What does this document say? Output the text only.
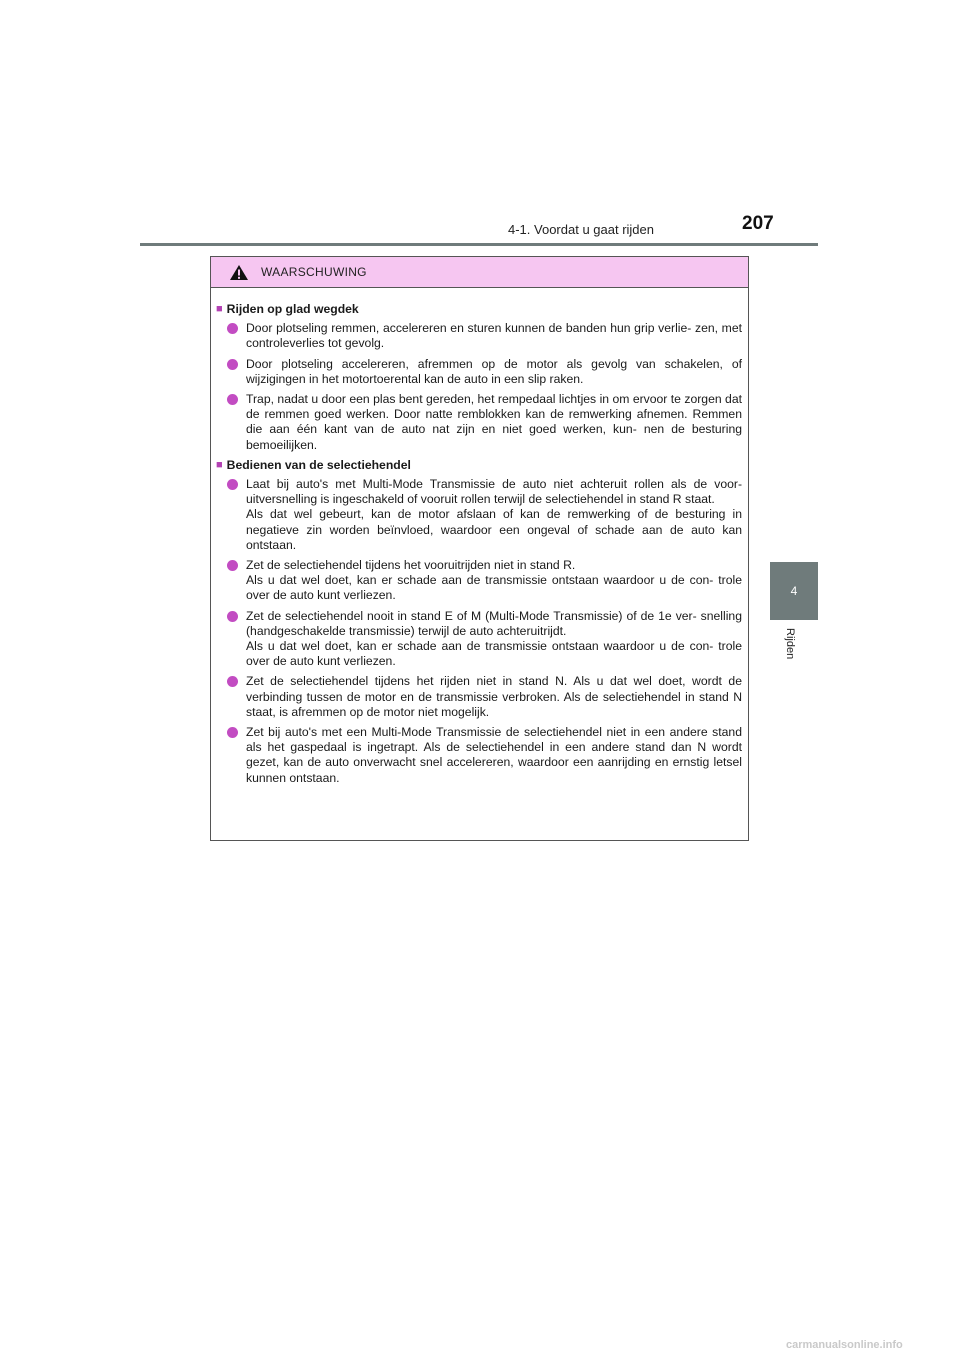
4-1. Voordat u gaat rijden	207
4
Rijden
WAARSCHUWING
■ Rijden op glad wegdek
Door plotseling remmen, accelereren en sturen kunnen de banden hun grip verlie- zen, met controleverlies tot gevolg.
Door plotseling accelereren, afremmen op de motor als gevolg van schakelen, of wijzigingen in het motortoerental kan de auto in een slip raken.
Trap, nadat u door een plas bent gereden, het rempedaal lichtjes in om ervoor te zorgen dat de remmen goed werken. Door natte remblokken kan de remwerking afnemen. Remmen die aan één kant van de auto nat zijn en niet goed werken, kun- nen de besturing bemoeilijken.
■ Bedienen van de selectiehendel
Laat bij auto's met Multi-Mode Transmissie de auto niet achteruit rollen als de voor- uitversnelling is ingeschakeld of vooruit rollen terwijl de selectiehendel in stand R staat.
Als dat wel gebeurt, kan de motor afslaan of kan de remwerking of de besturing in negatieve zin worden beïnvloed, waardoor een ongeval of schade aan de auto kan ontstaan.
Zet de selectiehendel tijdens het vooruitrijden niet in stand R.
Als u dat wel doet, kan er schade aan de transmissie ontstaan waardoor u de con- trole over de auto kunt verliezen.
Zet de selectiehendel nooit in stand E of M (Multi-Mode Transmissie) of de 1e ver- snelling (handgeschakelde transmissie) terwijl de auto achteruitrijdt.
Als u dat wel doet, kan er schade aan de transmissie ontstaan waardoor u de con- trole over de auto kunt verliezen.
Zet de selectiehendel tijdens het rijden niet in stand N. Als u dat wel doet, wordt de verbinding tussen de motor en de transmissie verbroken. Als de selectiehendel in stand N staat, is afremmen op de motor niet mogelijk.
Zet bij auto's met een Multi-Mode Transmissie de selectiehendel niet in een andere stand als het gaspedaal is ingetrapt. Als de selectiehendel in een andere stand dan N wordt gezet, kan de auto onverwacht snel accelereren, waardoor een aanrijding en ernstig letsel kunnen ontstaan.
carmanualsonline.info
